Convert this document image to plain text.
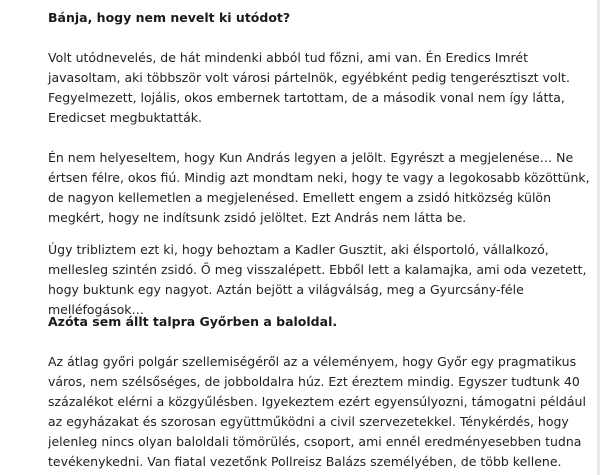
Bánja, hogy nem nevelt ki utódot?

Volt utódnevelés, de hát mindenki abból tud főzni, ami van. Én Eredics Imrét javasoltam, aki többször volt városi pártelnök, egyébként pedig tengerésztiszt volt. Fegyelmezett, lojális, okos embernek tartottam, de a második vonal nem így látta, Eredicset megbuktatták.

Én nem helyeseltem, hogy Kun András legyen a jelölt. Egyrészt a megjelenése… Ne értsen félre, okos fiú. Mindig azt mondtam neki, hogy te vagy a legokosabb közöttünk, de nagyon kellemetlen a megjelenésed. Emellett engem a zsidó hitközség külön megkért, hogy ne indítsunk zsidó jelöltet. Ezt András nem látta be.

Úgy tribliztem ezt ki, hogy behoztam a Kadler Gusztit, aki élsportoló, vállalkozó, mellesleg szintén zsidó. Ő meg visszalépett. Ebből lett a kalamajka, ami oda vezetett, hogy buktunk egy nagyot. Aztán bejött a világválság, meg a Gyurcsány-féle melléfogások…

Azóta sem állt talpra Győrben a baloldal.

Az átlag győri polgár szellemiségéről az a véleményem, hogy Győr egy pragmatikus város, nem szélsőséges, de jobboldalra húz. Ezt éreztem mindig. Egyszer tudtunk 40 százalékot elérni a közgyűlésben. Igyekeztem ezért egyensúlyozni, támogatni például az egyházakat és szorosan együttműködni a civil szervezetekkel. Ténykérdés, hogy jelenleg nincs olyan baloldali tömörülés, csoport, ami ennél eredményesebben tudna tevékenykedni. Van fiatal vezetőnk Pollreisz Balázs személyében, de több kellene.
